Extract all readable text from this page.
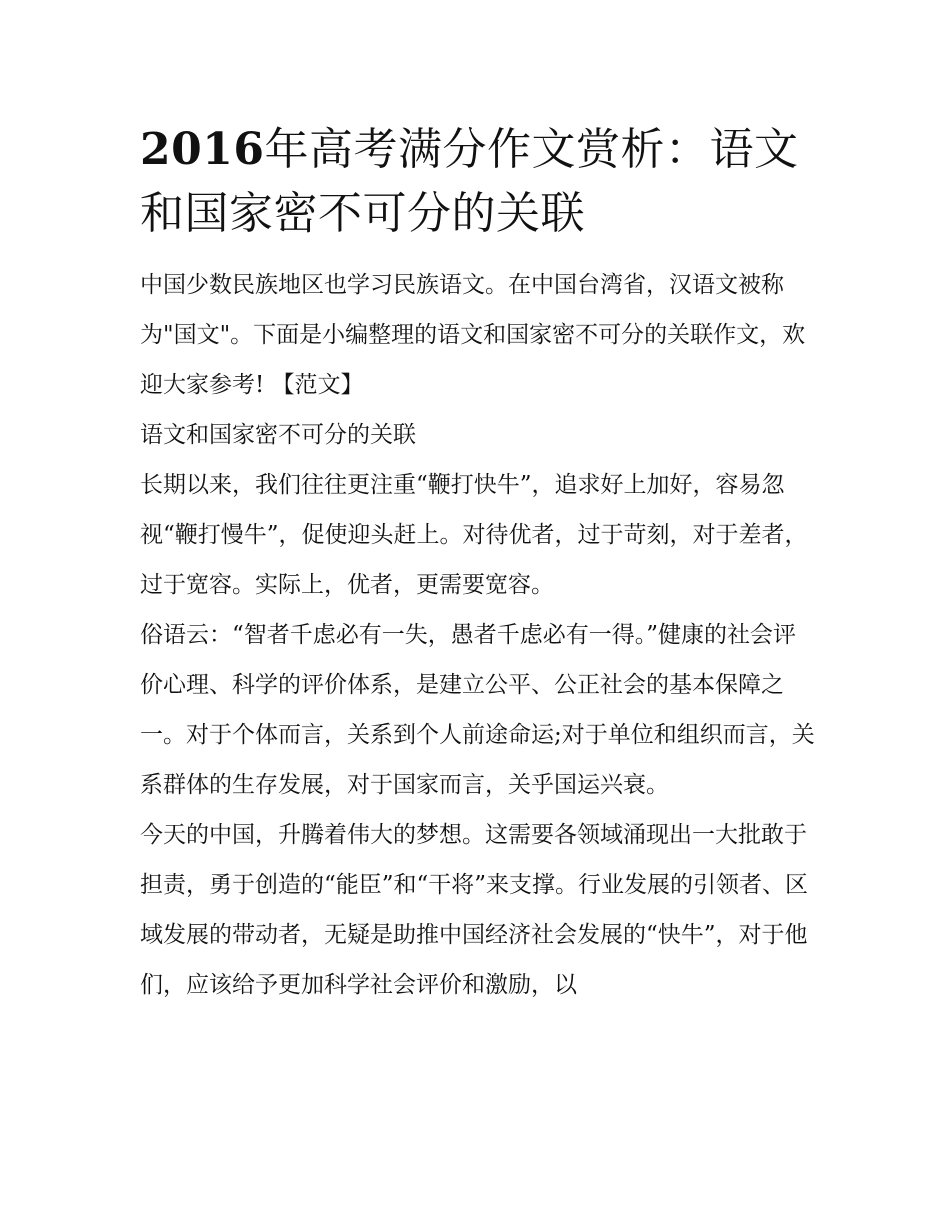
2016年高考满分作文赏析：语文和国家密不可分的关联

中国少数民族地区也学习民族语文。在中国台湾省，汉语文被称为"国文"。下面是小编整理的语文和国家密不可分的关联作文，欢迎大家参考! 【范文】

语文和国家密不可分的关联

长期以来，我们往往更注重“鞭打快牛”，追求好上加好，容易忽视“鞭打慢牛”，促使迎头赶上。对待优者，过于苛刻，对于差者，过于宽容。实际上，优者，更需要宽容。

俗语云：“智者千虑必有一失，愚者千虑必有一得。”健康的社会评价心理、科学的评价体系，是建立公平、公正社会的基本保障之一。对于个体而言，关系到个人前途命运;对于单位和组织而言，关系群体的生存发展，对于国家而言，关乎国运兴衰。

今天的中国，升腾着伟大的梦想。这需要各领域涌现出一大批敢于担责，勇于创造的“能臣”和“干将”来支撑。行业发展的引领者、区域发展的带动者，无疑是助推中国经济社会发展的“快牛”，对于他们，应该给予更加科学社会评价和激励，以
